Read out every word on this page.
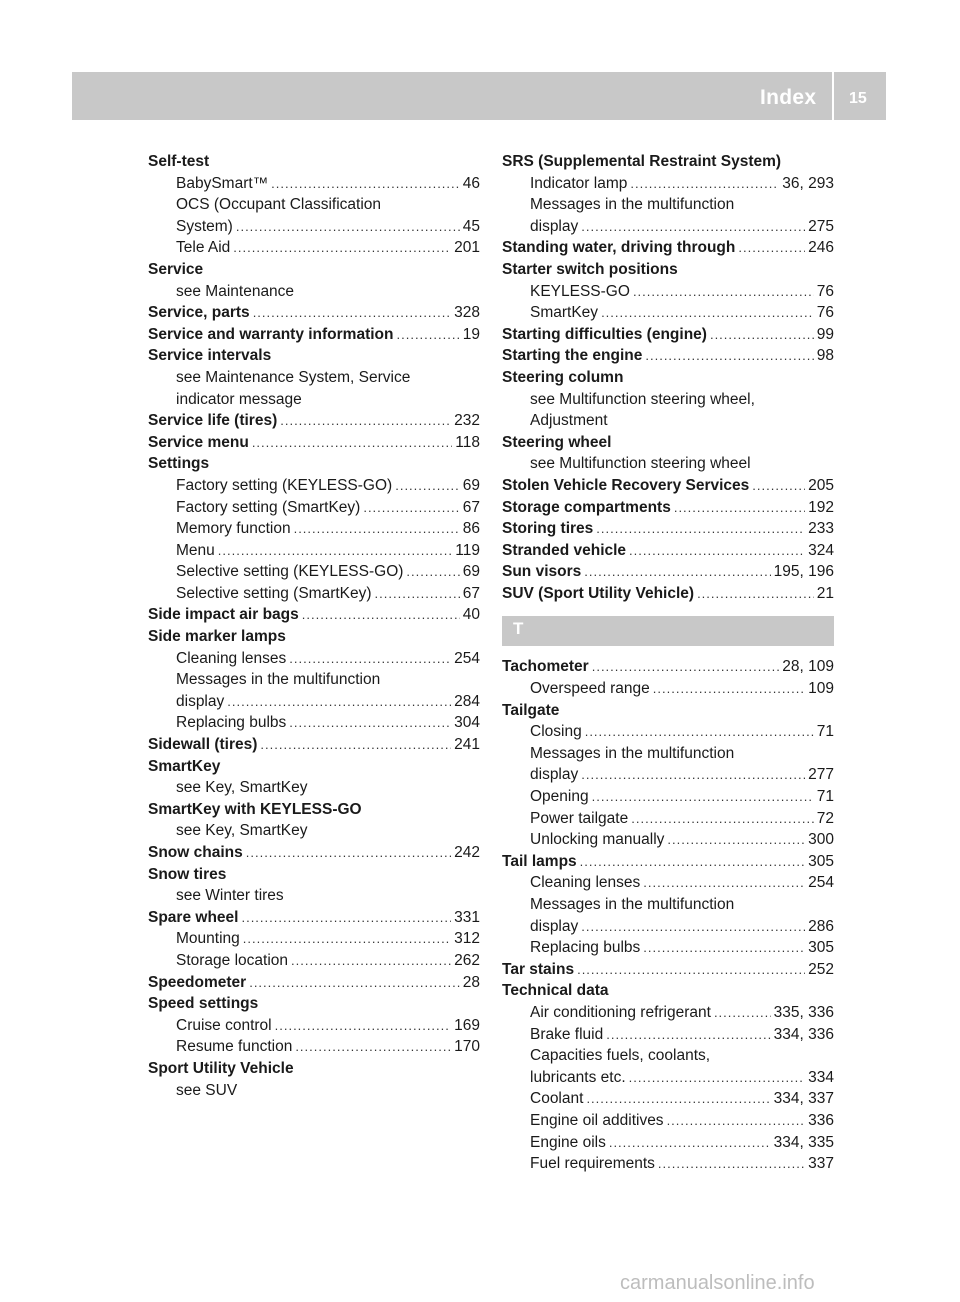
Index 15
Self-test
BabySmart™ .....	46
OCS (Occupant Classification
System) .....	45
Tele Aid .....	201
Service
see Maintenance
Service, parts .....	328
Service and warranty information .....	19
Service intervals
see Maintenance System, Service
indicator message
Service life (tires) .....	232
Service menu .....	118
Settings
Factory setting (KEYLESS-GO) .....	69
Factory setting (SmartKey) .....	67
Memory function .....	86
Menu .....	119
Selective setting (KEYLESS-GO) .....	69
Selective setting (SmartKey) .....	67
Side impact air bags .....	40
Side marker lamps
Cleaning lenses .....	254
Messages in the multifunction
display .....	284
Replacing bulbs .....	304
Sidewall (tires) .....	241
SmartKey
see Key, SmartKey
SmartKey with KEYLESS-GO
see Key, SmartKey
Snow chains .....	242
Snow tires
see Winter tires
Spare wheel .....	331
Mounting .....	312
Storage location .....	262
Speedometer .....	28
Speed settings
Cruise control .....	169
Resume function .....	170
Sport Utility Vehicle
see SUV
SRS (Supplemental Restraint System)
Indicator lamp .....	36, 293
Messages in the multifunction
display .....	275
Standing water, driving through .....	246
Starter switch positions
KEYLESS-GO .....	76
SmartKey .....	76
Starting difficulties (engine) .....	99
Starting the engine .....	98
Steering column
see Multifunction steering wheel,
Adjustment
Steering wheel
see Multifunction steering wheel
Stolen Vehicle Recovery Services .....	205
Storage compartments .....	192
Storing tires .....	233
Stranded vehicle .....	324
Sun visors .....	195, 196
SUV (Sport Utility Vehicle) .....	21
T
Tachometer .....	28, 109
Overspeed range .....	109
Tailgate
Closing .....	71
Messages in the multifunction
display .....	277
Opening .....	71
Power tailgate .....	72
Unlocking manually .....	300
Tail lamps .....	305
Cleaning lenses .....	254
Messages in the multifunction
display .....	286
Replacing bulbs .....	305
Tar stains .....	252
Technical data
Air conditioning refrigerant .....	335, 336
Brake fluid .....	334, 336
Capacities fuels, coolants,
lubricants etc. .....	334
Coolant .....	334, 337
Engine oil additives .....	336
Engine oils .....	334, 335
Fuel requirements .....	337
carmanualsonline.info
